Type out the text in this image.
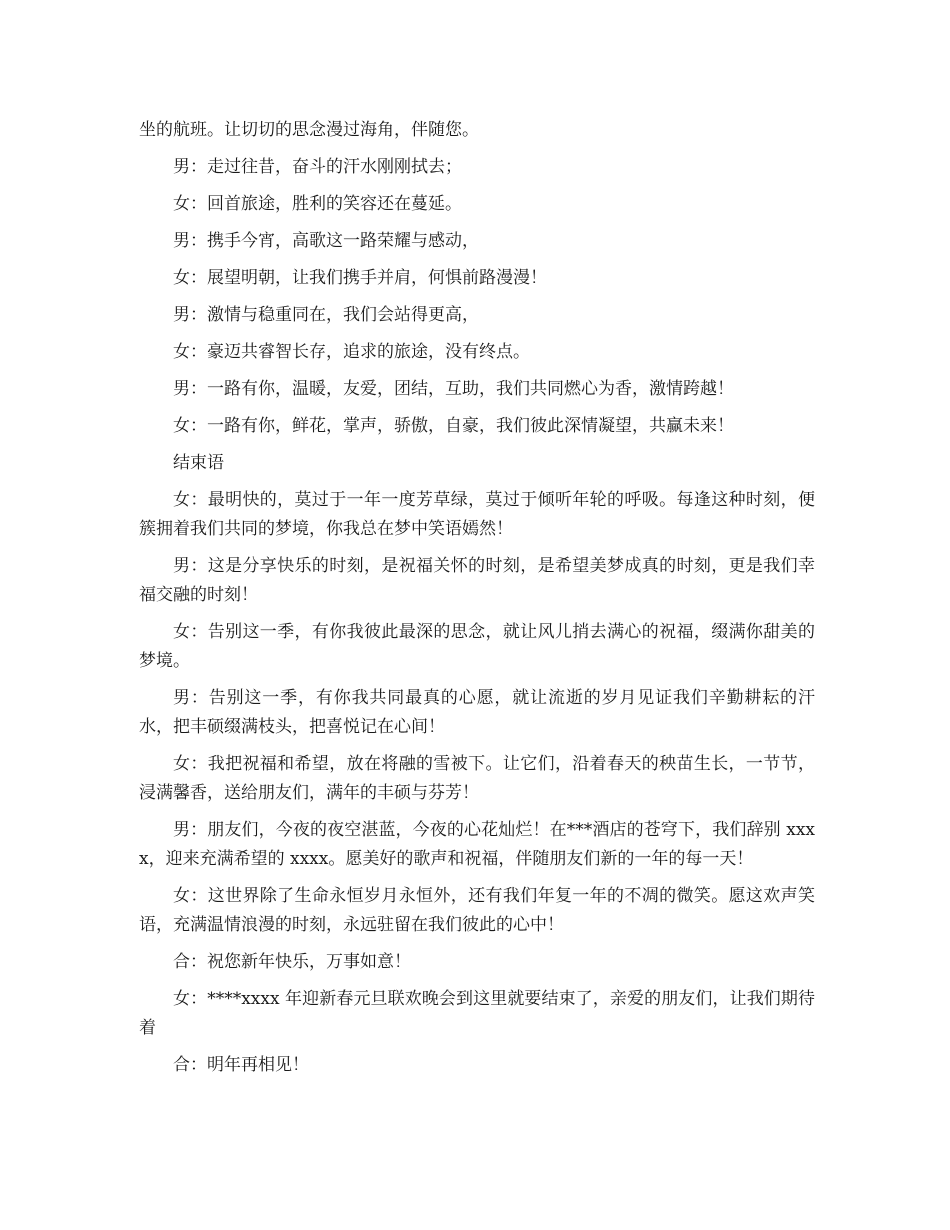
坐的航班。让切切的思念漫过海角，伴随您。

男：走过往昔，奋斗的汗水刚刚拭去；

女：回首旅途，胜利的笑容还在蔓延。

男：携手今宵，高歌这一路荣耀与感动，

女：展望明朝，让我们携手并肩，何惧前路漫漫！

男：激情与稳重同在，我们会站得更高，

女：豪迈共睿智长存，追求的旅途，没有终点。

男：一路有你，温暖，友爱，团结，互助，我们共同燃心为香，激情跨越！

女：一路有你，鲜花，掌声，骄傲，自豪，我们彼此深情凝望，共赢未来！

结束语

女：最明快的，莫过于一年一度芳草绿，莫过于倾听年轮的呼吸。每逢这种时刻，便簇拥着我们共同的梦境，你我总在梦中笑语嫣然！

男：这是分享快乐的时刻，是祝福关怀的时刻，是希望美梦成真的时刻，更是我们幸福交融的时刻！

女：告别这一季，有你我彼此最深的思念，就让风儿捎去满心的祝福，缀满你甜美的梦境。

男：告别这一季，有你我共同最真的心愿，就让流逝的岁月见证我们辛勤耕耘的汗水，把丰硕缀满枝头，把喜悦记在心间！

女：我把祝福和希望，放在将融的雪被下。让它们，沿着春天的秧苗生长，一节节，浸满馨香，送给朋友们，满年的丰硕与芬芳！

男：朋友们，今夜的夜空湛蓝，今夜的心花灿烂！在***酒店的苍穹下，我们辞别 xxxx，迎来充满希望的 xxxx。愿美好的歌声和祝福，伴随朋友们新的一年的每一天！

女：这世界除了生命永恒岁月永恒外，还有我们年复一年的不凋的微笑。愿这欢声笑语，充满温情浪漫的时刻，永远驻留在我们彼此的心中！

合：祝您新年快乐，万事如意！

女：****xxxx 年迎新春元旦联欢晚会到这里就要结束了，亲爱的朋友们，让我们期待着

合：明年再相见！
